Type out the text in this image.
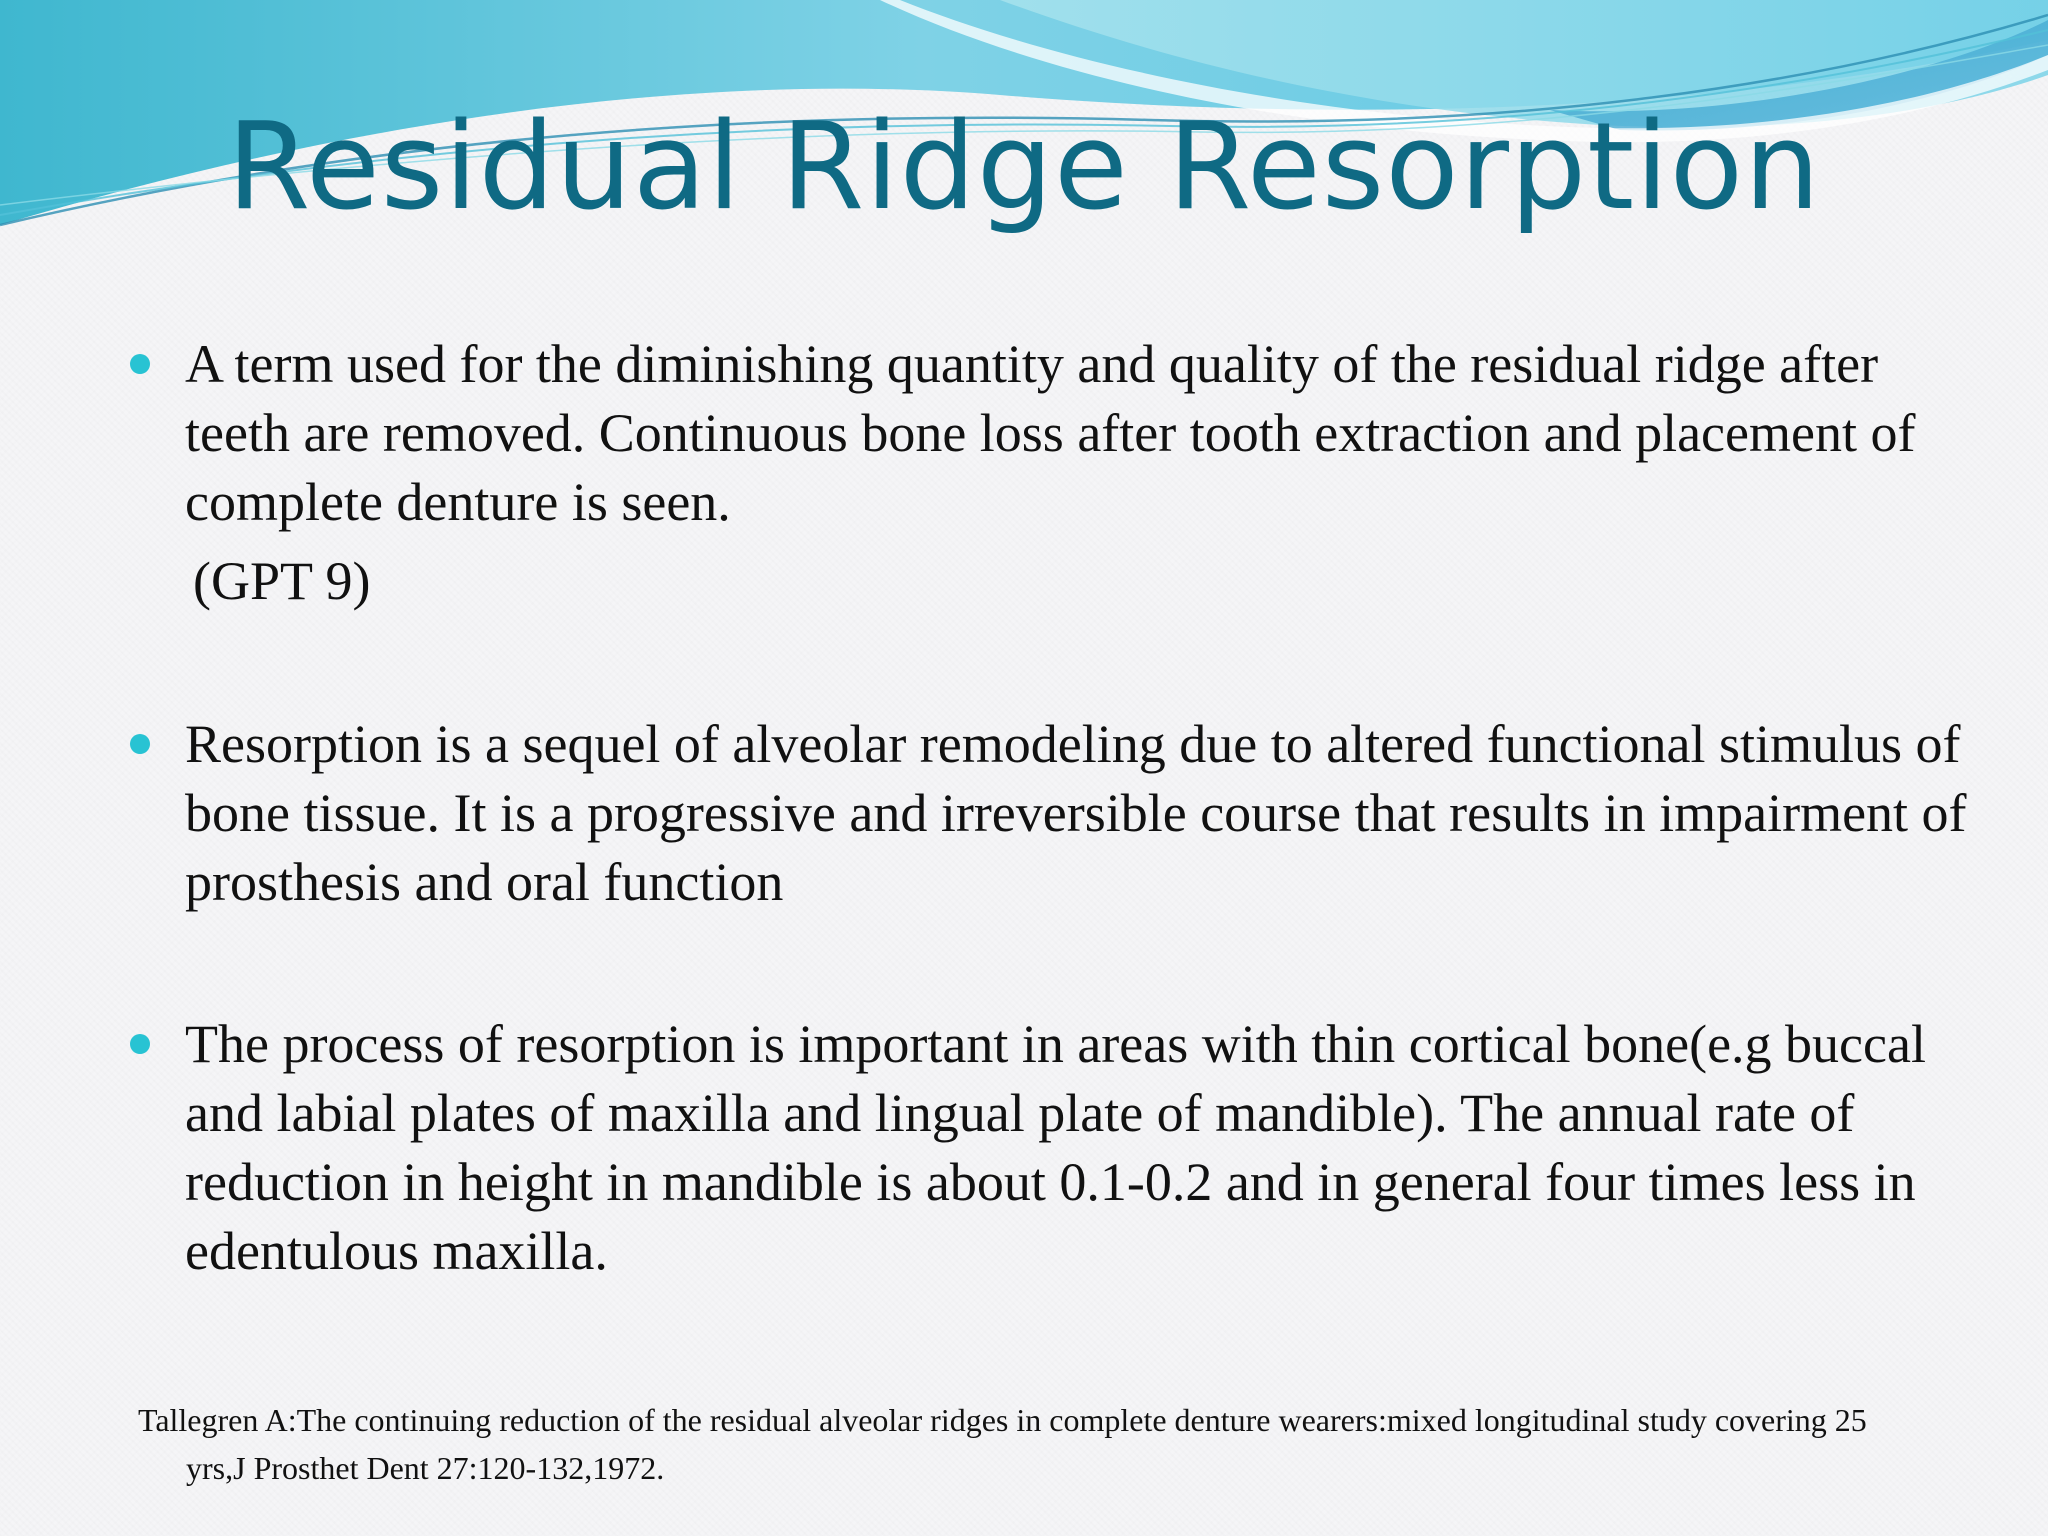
Residual Ridge Resorption
A term used for the diminishing quantity and quality of the residual ridge after teeth are removed. Continuous bone loss after tooth extraction and placement of complete denture is seen.
(GPT 9)
Resorption is a sequel of alveolar remodeling due to altered functional stimulus of bone tissue. It is a progressive and irreversible course that results in impairment of prosthesis and oral function
The process of resorption is important in areas with thin cortical bone(e.g buccal and labial plates of maxilla and lingual plate of mandible). The annual rate of reduction in height in mandible is about 0.1-0.2 and in general four times less in edentulous maxilla.
Tallegren A:The continuing reduction of the residual alveolar ridges in complete denture wearers:mixed longitudinal study covering 25 yrs,J Prosthet Dent 27:120-132,1972.
